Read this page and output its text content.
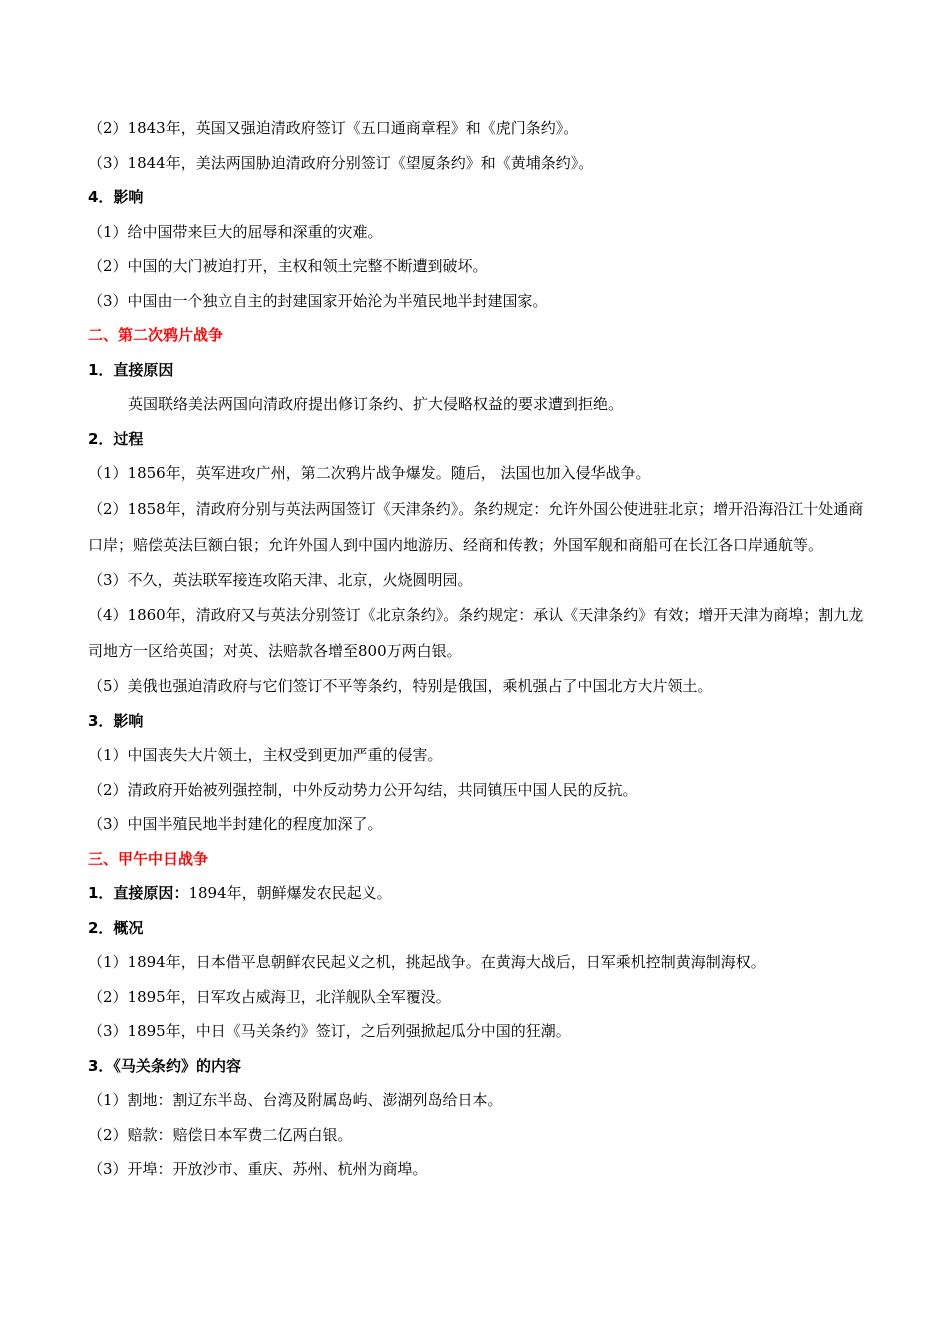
（2）1843年，英国又强迫清政府签订《五口通商章程》和《虎门条约》。
（3）1844年，美法两国胁迫清政府分别签订《望厦条约》和《黄埔条约》。
4．影响
（1）给中国带来巨大的屈辱和深重的灾难。
（2）中国的大门被迫打开，主权和领土完整不断遭到破坏。
（3）中国由一个独立自主的封建国家开始沦为半殖民地半封建国家。
二、第二次鸦片战争
1．直接原因
英国联络美法两国向清政府提出修订条约、扩大侵略权益的要求遭到拒绝。
2．过程
（1）1856年，英军进攻广州，第二次鸦片战争爆发。随后， 法国也加入侵华战争。
（2）1858年，清政府分别与英法两国签订《天津条约》。条约规定：允许外国公使进驻北京；增开沿海沿江十处通商口岸；赔偿英法巨额白银；允许外国人到中国内地游历、经商和传教；外国军舰和商船可在长江各口岸通航等。
（3）不久，英法联军接连攻陷天津、北京，火烧圆明园。
（4）1860年，清政府又与英法分别签订《北京条约》。条约规定：承认《天津条约》有效；增开天津为商埠；割九龙司地方一区给英国；对英、法赔款各增至800万两白银。
（5）美俄也强迫清政府与它们签订不平等条约，特别是俄国，乘机强占了中国北方大片领土。
3．影响
（1）中国丧失大片领土，主权受到更加严重的侵害。
（2）清政府开始被列强控制，中外反动势力公开勾结，共同镇压中国人民的反抗。
（3）中国半殖民地半封建化的程度加深了。
三、甲午中日战争
1．直接原因：1894年，朝鲜爆发农民起义。
2．概况
（1）1894年，日本借平息朝鲜农民起义之机，挑起战争。在黄海大战后，日军乘机控制黄海制海权。
（2）1895年，日军攻占威海卫，北洋舰队全军覆没。
（3）1895年，中日《马关条约》签订，之后列强掀起瓜分中国的狂潮。
3．《马关条约》的内容
（1）割地：割辽东半岛、台湾及附属岛屿、澎湖列岛给日本。
（2）赔款：赔偿日本军费二亿两白银。
（3）开埠：开放沙市、重庆、苏州、杭州为商埠。
